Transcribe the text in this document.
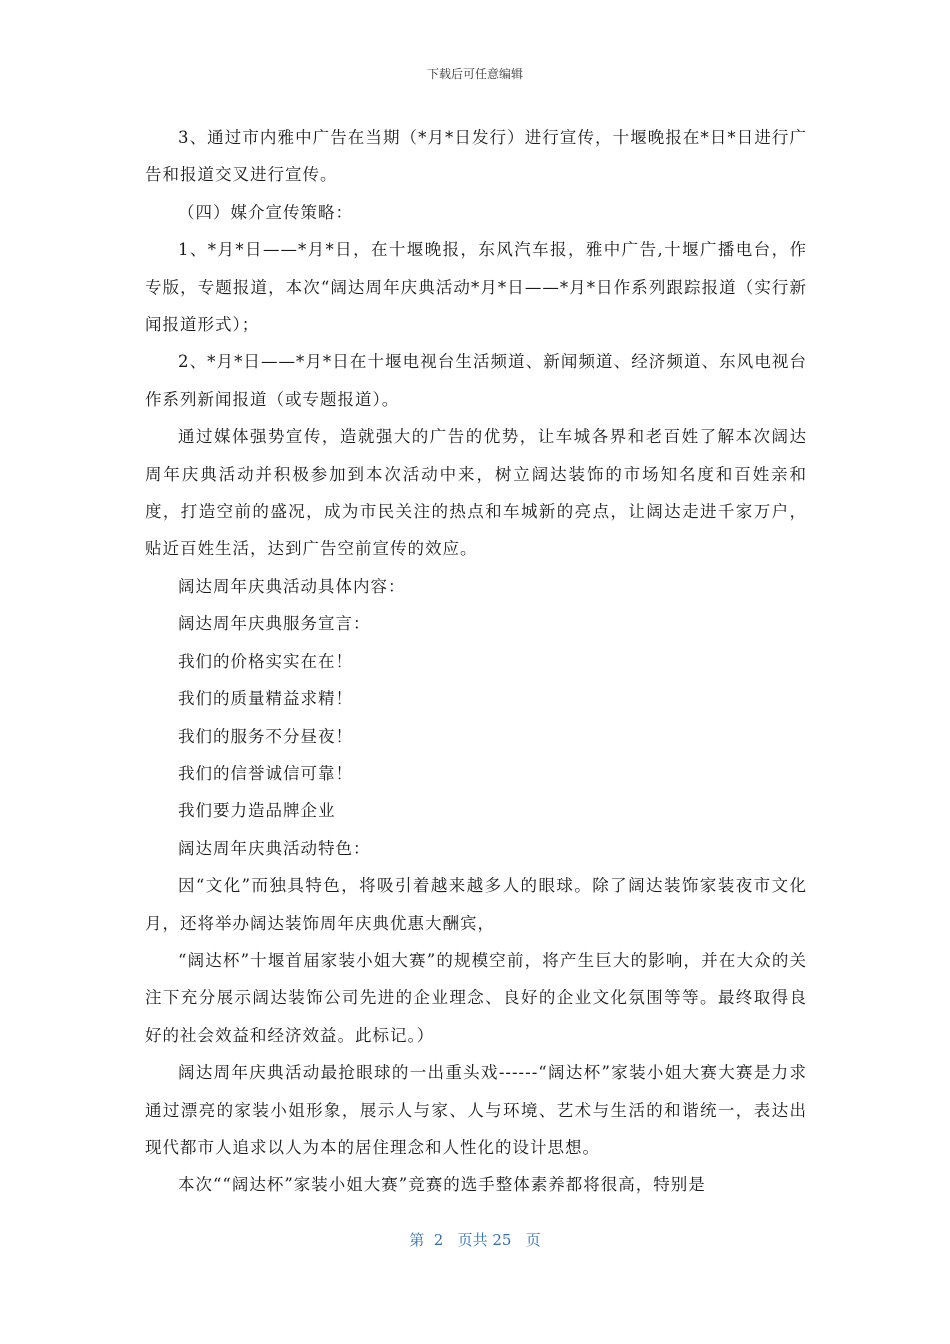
下载后可任意编辑

3、通过市内雅中广告在当期（*月*日发行）进行宣传，十堰晚报在*日*日进行广告和报道交叉进行宣传。

（四）媒介宣传策略：

1、*月*日——*月*日，在十堰晚报，东风汽车报，雅中广告,十堰广播电台，作专版，专题报道，本次“阔达周年庆典活动*月*日——*月*日作系列跟踪报道（实行新闻报道形式）；

2、*月*日——*月*日在十堰电视台生活频道、新闻频道、经济频道、东风电视台作系列新闻报道（或专题报道）。

通过媒体强势宣传，造就强大的广告的优势，让车城各界和老百姓了解本次阔达周年庆典活动并积极参加到本次活动中来，树立阔达装饰的市场知名度和百姓亲和度，打造空前的盛况，成为市民关注的热点和车城新的亮点，让阔达走进千家万户，贴近百姓生活，达到广告空前宣传的效应。

阔达周年庆典活动具体内容：

阔达周年庆典服务宣言：

我们的价格实实在在！

我们的质量精益求精！

我们的服务不分昼夜！

我们的信誉诚信可靠！

我们要力造品牌企业

阔达周年庆典活动特色：

因“文化”而独具特色，将吸引着越来越多人的眼球。除了阔达装饰家装夜市文化月，还将举办阔达装饰周年庆典优惠大酬宾，

“阔达杯”十堰首届家装小姐大赛”的规模空前，将产生巨大的影响，并在大众的关注下充分展示阔达装饰公司先进的企业理念、良好的企业文化氛围等等。最终取得良好的社会效益和经济效益。此标记。）

阔达周年庆典活动最抢眼球的一出重头戏------“阔达杯”家装小姐大赛大赛是力求通过漂亮的家装小姐形象，展示人与家、人与环境、艺术与生活的和谐统一，表达出现代都市人追求以人为本的居住理念和人性化的设计思想。

本次““阔达杯”家装小姐大赛”竞赛的选手整体素养都将很高，特别是

第  2   页共 25   页
